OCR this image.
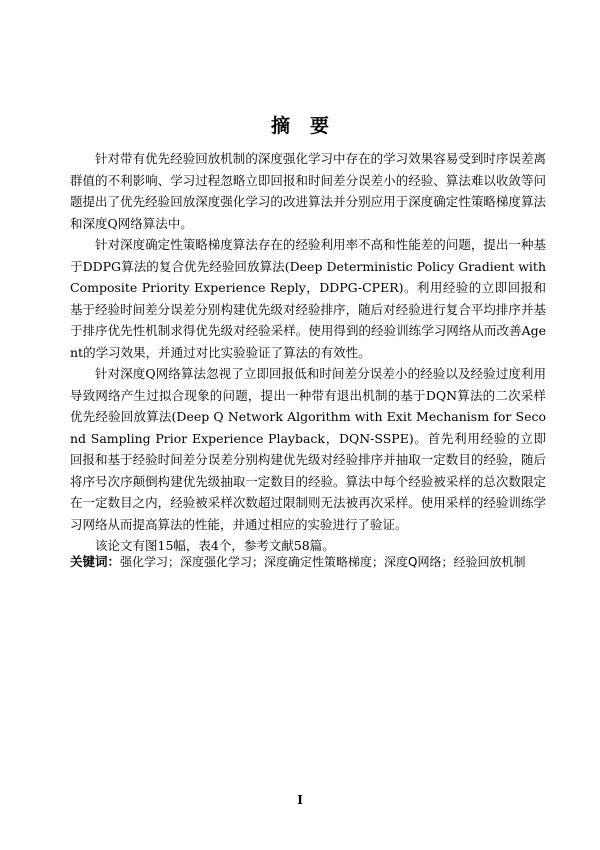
摘要

针对带有优先经验回放机制的深度强化学习中存在的学习效果容易受到时序误差离群值的不利影响、学习过程忽略立即回报和时间差分误差小的经验、算法难以收敛等问题提出了优先经验回放深度强化学习的改进算法并分别应用于深度确定性策略梯度算法和深度Q网络算法中。

针对深度确定性策略梯度算法存在的经验利用率不高和性能差的问题，提出一种基于DDPG算法的复合优先经验回放算法(Deep Deterministic Policy Gradient with Composite Priority Experience Reply，DDPG-CPER)。利用经验的立即回报和基于经验时间差分误差分别构建优先级对经验排序，随后对经验进行复合平均排序并基于排序优先性机制求得优先级对经验采样。使用得到的经验训练学习网络从而改善Agent的学习效果，并通过对比实验验证了算法的有效性。

针对深度Q网络算法忽视了立即回报低和时间差分误差小的经验以及经验过度利用导致网络产生过拟合现象的问题，提出一种带有退出机制的基于DQN算法的二次采样优先经验回放算法(Deep Q Network Algorithm with Exit Mechanism for Second Sampling Prior Experience Playback，DQN-SSPE)。首先利用经验的立即回报和基于经验时间差分误差分别构建优先级对经验排序并抽取一定数目的经验，随后将序号次序颠倒构建优先级抽取一定数目的经验。算法中每个经验被采样的总次数限定在一定数目之内，经验被采样次数超过限制则无法被再次采样。使用采样的经验训练学习网络从而提高算法的性能，并通过相应的实验进行了验证。

该论文有图15幅，表4个，参考文献58篇。

关键词：强化学习；深度强化学习；深度确定性策略梯度；深度Q网络；经验回放机制
I
